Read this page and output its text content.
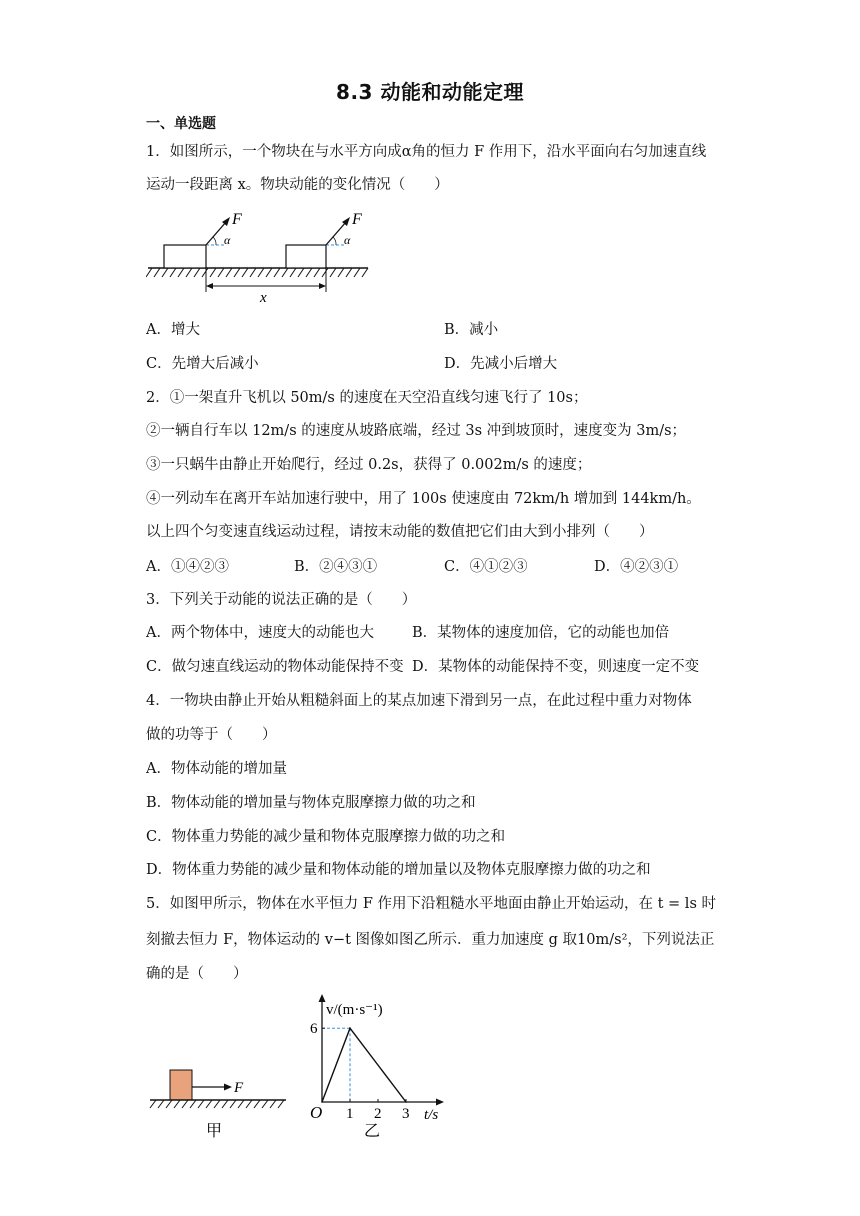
8.3 动能和动能定理
一、单选题
1．如图所示，一个物块在与水平方向成α角的恒力 F 作用下，沿水平面向右匀加速直线
运动一段距离 x。物块动能的变化情况（　　）
F
α
F
α
x
A．增大	B．减小
C．先增大后减小	D．先减小后增大
2．①一架直升飞机以 50m/s 的速度在天空沿直线匀速飞行了 10s；
②一辆自行车以 12m/s 的速度从坡路底端，经过 3s 冲到坡顶时，速度变为 3m/s；
③一只蜗牛由静止开始爬行，经过 0.2s，获得了 0.002m/s 的速度；
④一列动车在离开车站加速行驶中，用了 100s 使速度由 72km/h 增加到 144km/h。
以上四个匀变速直线运动过程，请按末动能的数值把它们由大到小排列（　　）
A．①④②③	B．②④③①	C．④①②③	D．④②③①
3．下列关于动能的说法正确的是（　　）
A．两个物体中，速度大的动能也大	B．某物体的速度加倍，它的动能也加倍
C．做匀速直线运动的物体动能保持不变 D．某物体的动能保持不变，则速度一定不变
4．一物块由静止开始从粗糙斜面上的某点加速下滑到另一点，在此过程中重力对物体
做的功等于（　　）
A．物体动能的增加量
B．物体动能的增加量与物体克服摩擦力做的功之和
C．物体重力势能的减少量和物体克服摩擦力做的功之和
D．物体重力势能的减少量和物体动能的增加量以及物体克服摩擦力做的功之和
5．如图甲所示，物体在水平恒力 F 作用下沿粗糙水平地面由静止开始运动，在 t = ls 时
刻撤去恒力 F，物体运动的 v−t 图像如图乙所示．重力加速度 g 取10m/s²，下列说法正
确的是（　　）
F
甲
v/(m·s⁻¹)
t/s
O
6
1 2 3
乙
